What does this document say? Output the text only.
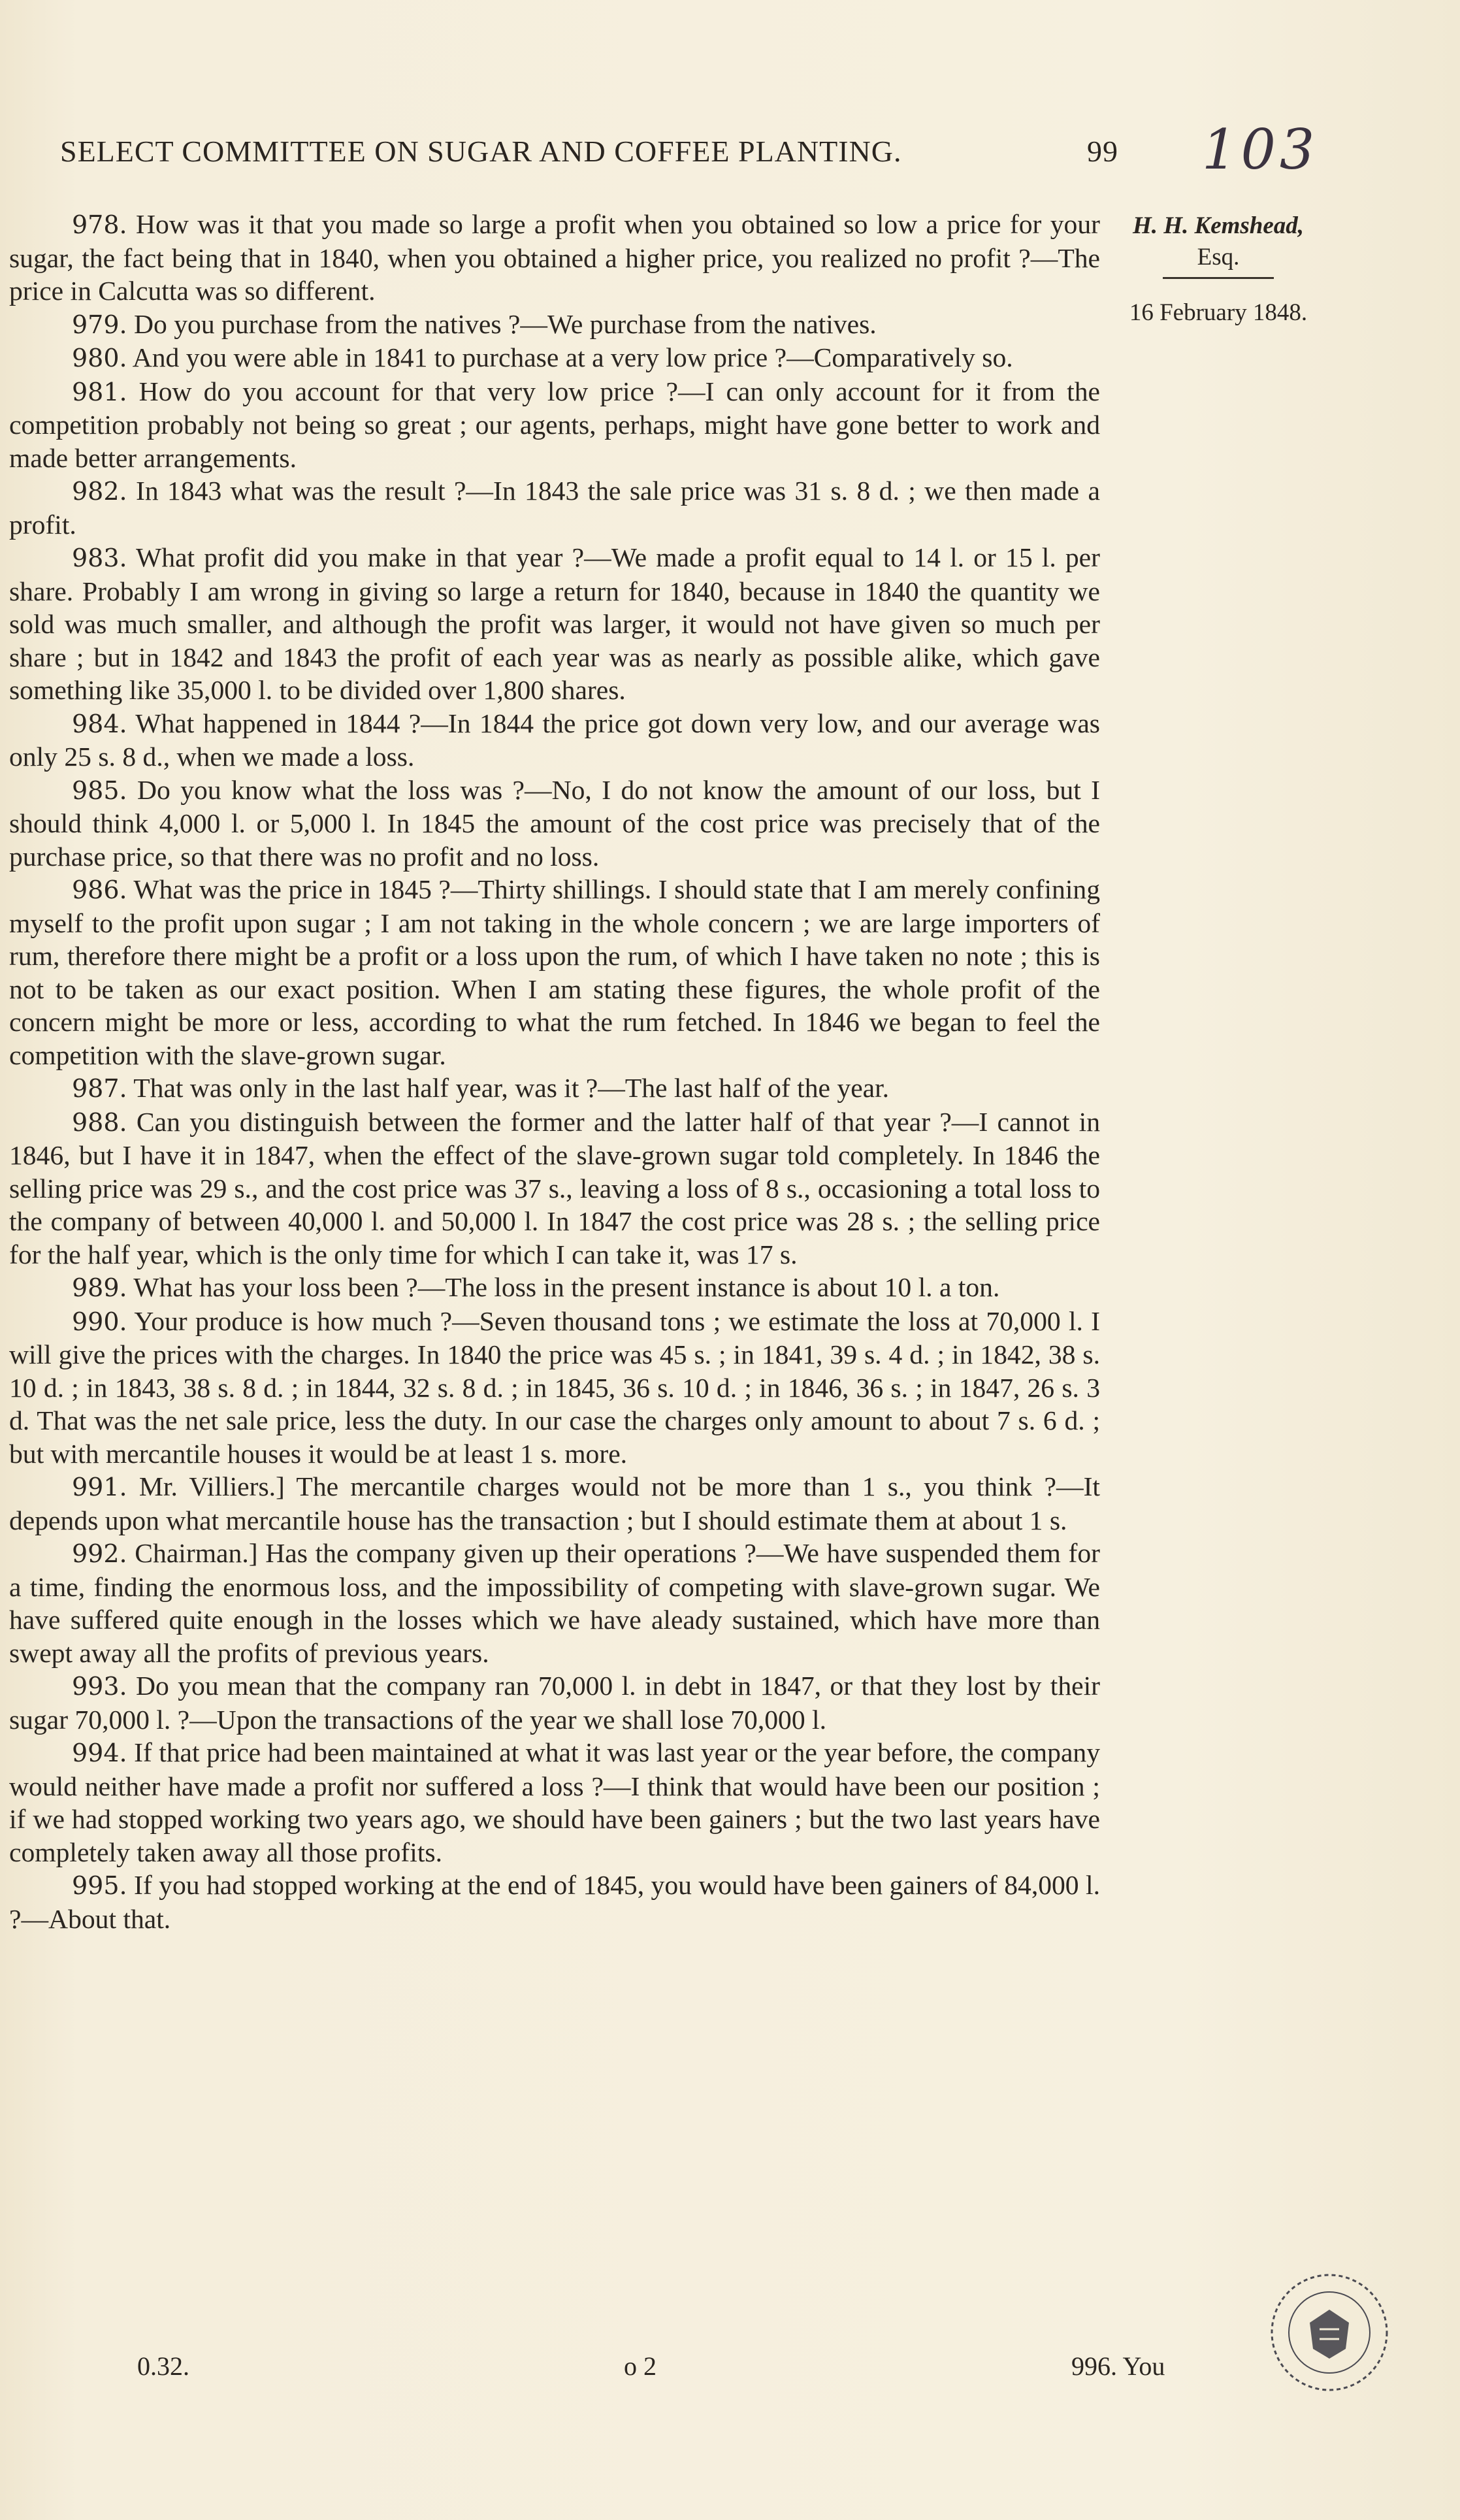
SELECT COMMITTEE ON SUGAR AND COFFEE PLANTING.	99 103
H. H. Kemshead,
Esq.
16 February 1848.

978. How was it that you made so large a profit when you obtained so low a price for your sugar, the fact being that in 1840, when you obtained a higher price, you realized no profit ?—The price in Calcutta was so different.

979. Do you purchase from the natives ?—We purchase from the natives.

980. And you were able in 1841 to purchase at a very low price ?—Comparatively so.

981. How do you account for that very low price ?—I can only account for it from the competition probably not being so great ; our agents, perhaps, might have gone better to work and made better arrangements.

982. In 1843 what was the result ?—In 1843 the sale price was 31 s. 8 d. ; we then made a profit.

983. What profit did you make in that year ?—We made a profit equal to 14 l. or 15 l. per share. Probably I am wrong in giving so large a return for 1840, because in 1840 the quantity we sold was much smaller, and although the profit was larger, it would not have given so much per share ; but in 1842 and 1843 the profit of each year was as nearly as possible alike, which gave something like 35,000 l. to be divided over 1,800 shares.

984. What happened in 1844 ?—In 1844 the price got down very low, and our average was only 25 s. 8 d., when we made a loss.

985. Do you know what the loss was ?—No, I do not know the amount of our loss, but I should think 4,000 l. or 5,000 l. In 1845 the amount of the cost price was precisely that of the purchase price, so that there was no profit and no loss.

986. What was the price in 1845 ?—Thirty shillings. I should state that I am merely confining myself to the profit upon sugar ; I am not taking in the whole concern ; we are large importers of rum, therefore there might be a profit or a loss upon the rum, of which I have taken no note ; this is not to be taken as our exact position. When I am stating these figures, the whole profit of the concern might be more or less, according to what the rum fetched. In 1846 we began to feel the competition with the slave-grown sugar.

987. That was only in the last half year, was it ?—The last half of the year.

988. Can you distinguish between the former and the latter half of that year ?—I cannot in 1846, but I have it in 1847, when the effect of the slave-grown sugar told completely. In 1846 the selling price was 29 s., and the cost price was 37 s., leaving a loss of 8 s., occasioning a total loss to the company of between 40,000 l. and 50,000 l. In 1847 the cost price was 28 s. ; the selling price for the half year, which is the only time for which I can take it, was 17 s.

989. What has your loss been ?—The loss in the present instance is about 10 l. a ton.

990. Your produce is how much ?—Seven thousand tons ; we estimate the loss at 70,000 l. I will give the prices with the charges. In 1840 the price was 45 s. ; in 1841, 39 s. 4 d. ; in 1842, 38 s. 10 d. ; in 1843, 38 s. 8 d. ; in 1844, 32 s. 8 d. ; in 1845, 36 s. 10 d. ; in 1846, 36 s. ; in 1847, 26 s. 3 d. That was the net sale price, less the duty. In our case the charges only amount to about 7 s. 6 d. ; but with mercantile houses it would be at least 1 s. more.

991. Mr. Villiers.] The mercantile charges would not be more than 1 s., you think ?—It depends upon what mercantile house has the transaction ; but I should estimate them at about 1 s.

992. Chairman.] Has the company given up their operations ?—We have suspended them for a time, finding the enormous loss, and the impossibility of competing with slave-grown sugar. We have suffered quite enough in the losses which we have aleady sustained, which have more than swept away all the profits of previous years.

993. Do you mean that the company ran 70,000 l. in debt in 1847, or that they lost by their sugar 70,000 l. ?—Upon the transactions of the year we shall lose 70,000 l.

994. If that price had been maintained at what it was last year or the year before, the company would neither have made a profit nor suffered a loss ?—I think that would have been our position ; if we had stopped working two years ago, we should have been gainers ; but the two last years have completely taken away all those profits.

995. If you had stopped working at the end of 1845, you would have been gainers of 84,000 l. ?—About that.

0.32.	o 2	996. You
